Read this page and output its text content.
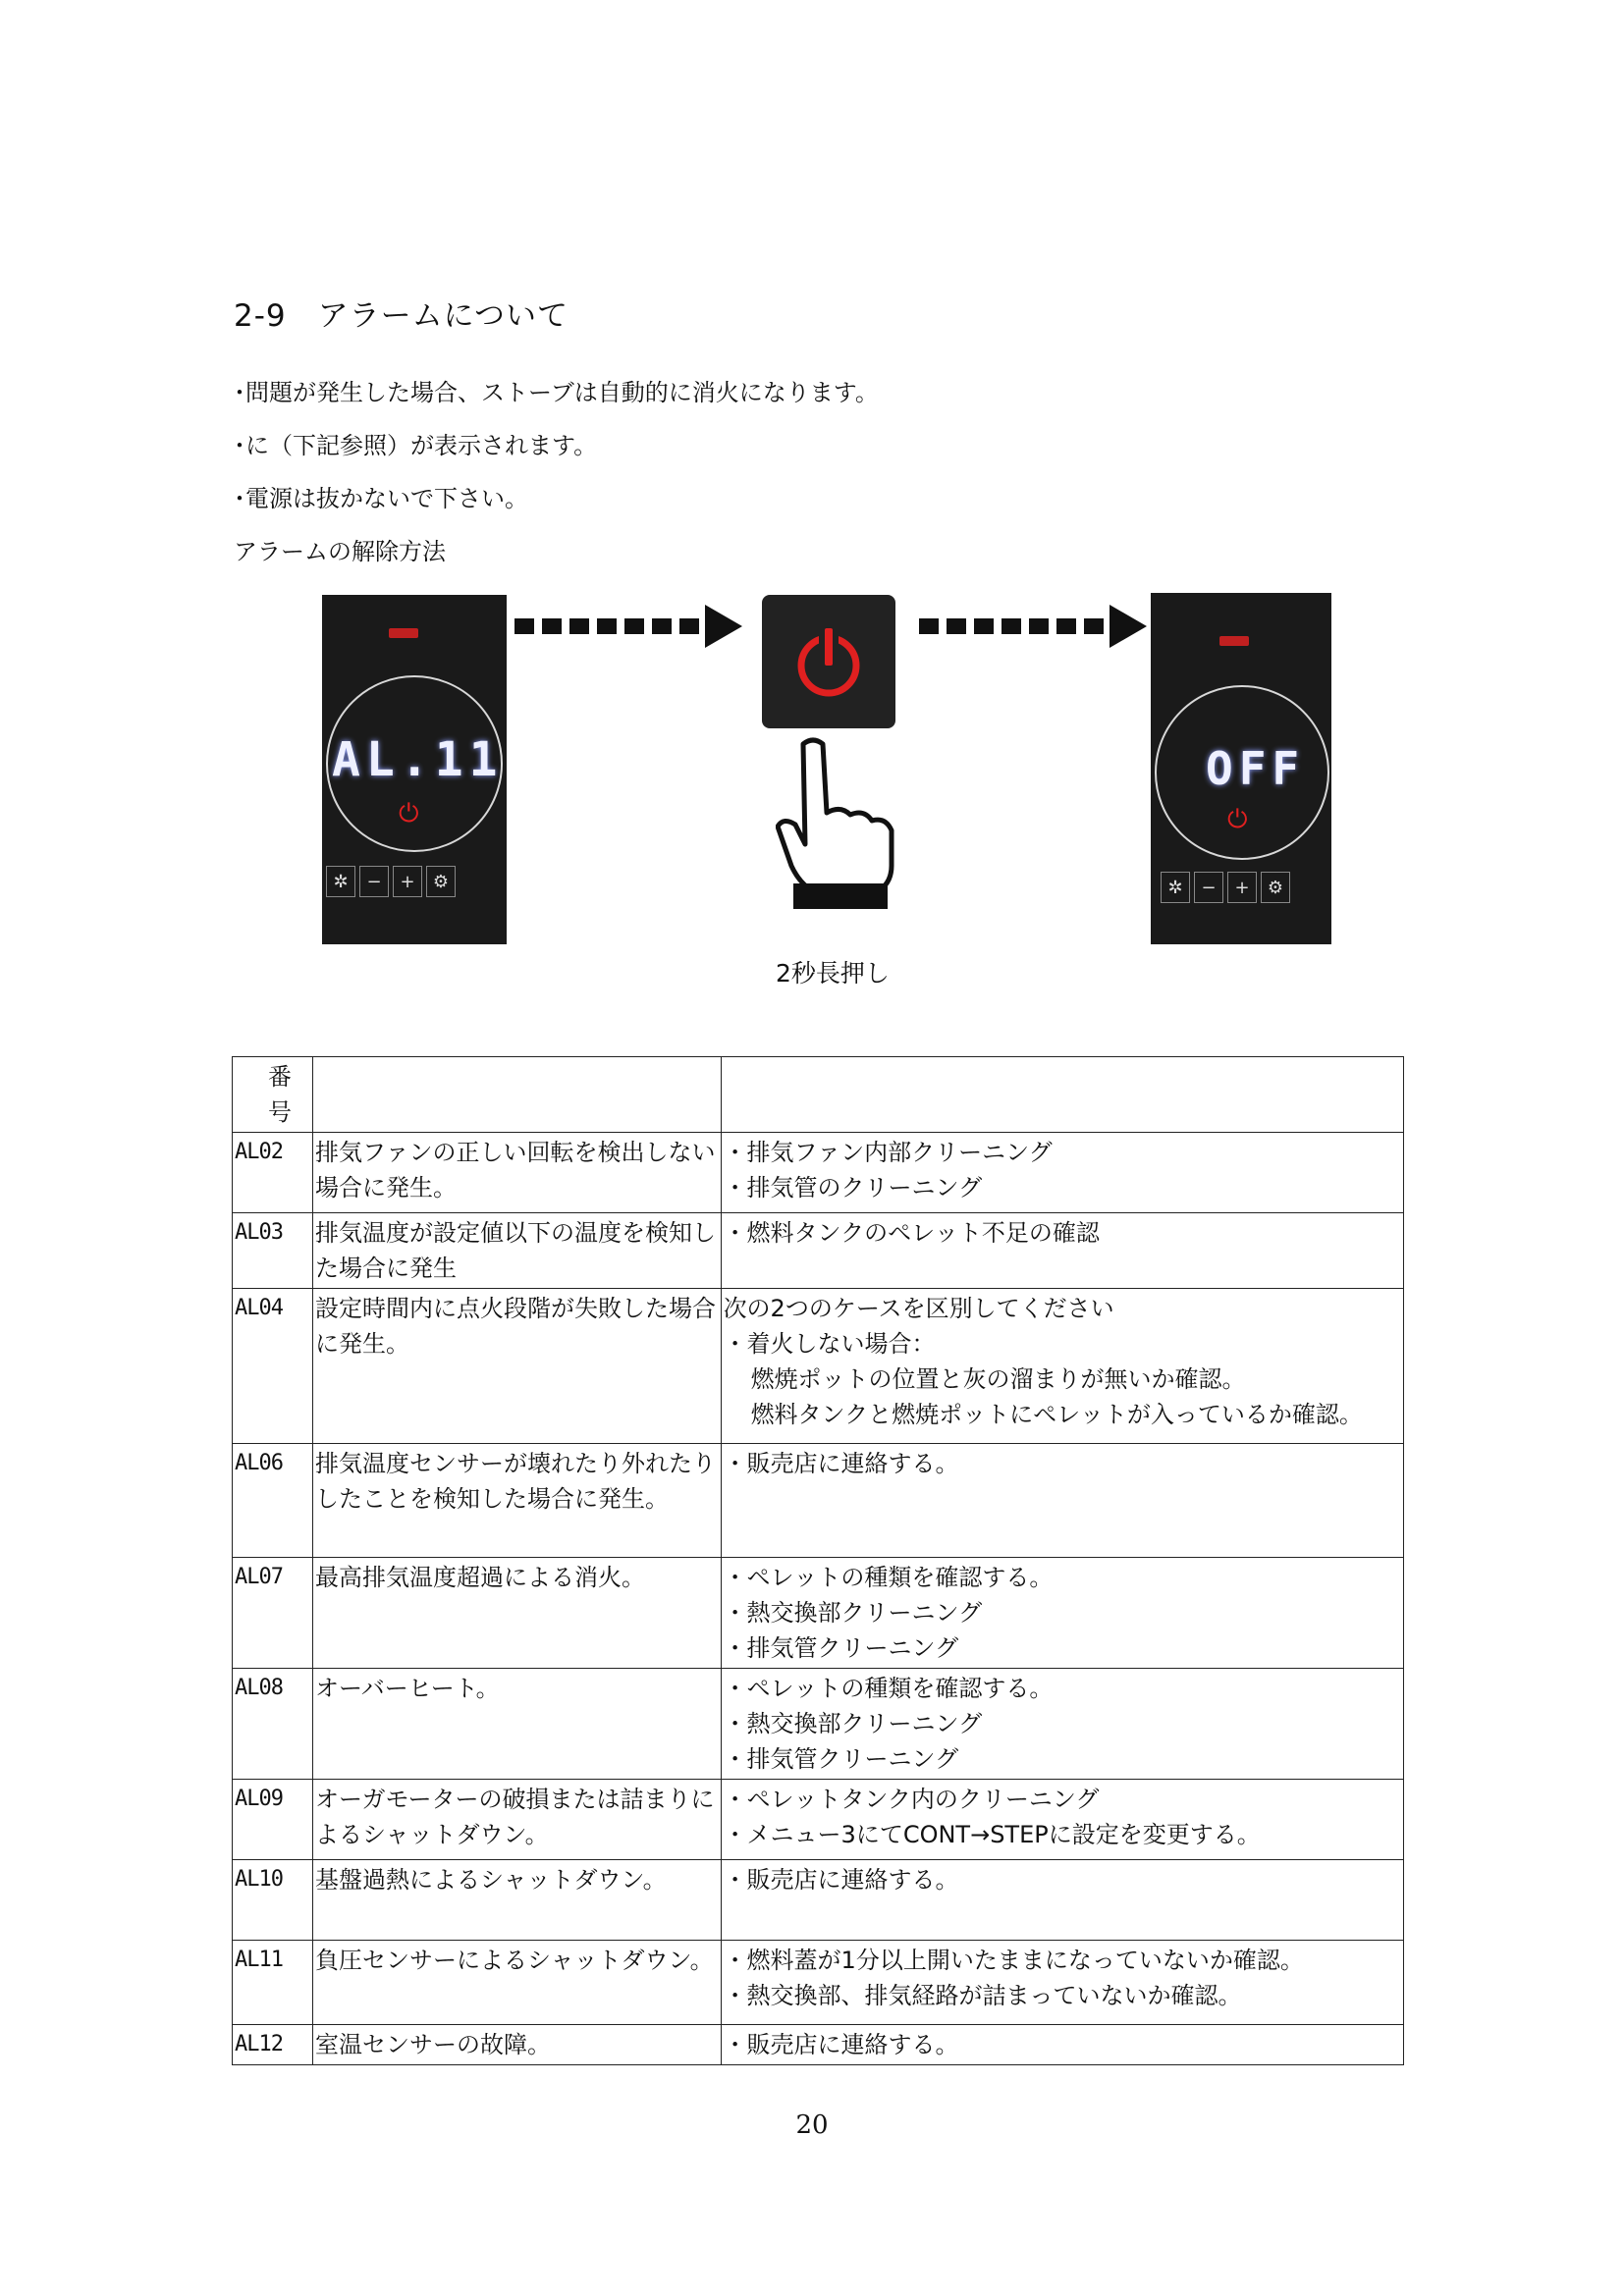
2-9　アラームについて
･問題が発生した場合、ストーブは自動的に消火になります。
･に（下記参照）が表示されます。
･電源は抜かないで下さい。
アラームの解除方法
AL.11
⏻
✲	−	+	⚙
OFF
⏻
✲	−	+	⚙
2秒長押し
番号		
AL02	排気ファンの正しい回転を検出しない場合に発生。	・排気ファン内部クリーニング
・排気管のクリーニング
AL03	排気温度が設定値以下の温度を検知した場合に発生	・燃料タンクのペレット不足の確認
AL04	設定時間内に点火段階が失敗した場合に発生。	次の2つのケースを区別してください
・着火しない場合：

燃焼ポットの位置と灰の溜まりが無いか確認。
燃料タンクと燃焼ポットにペレットが入っているか確認。

AL06	排気温度センサーが壊れたり外れたりしたことを検知した場合に発生。	・販売店に連絡する。
AL07	最高排気温度超過による消火。	・ペレットの種類を確認する。
・熱交換部クリーニング
・排気管クリーニング
AL08	オーバーヒート。	・ペレットの種類を確認する。
・熱交換部クリーニング
・排気管クリーニング
AL09	オーガモーターの破損または詰まりによるシャットダウン。	・ペレットタンク内のクリーニング
・メニュー3にてCONT→STEPに設定を変更する。
AL10	基盤過熱によるシャットダウン。	・販売店に連絡する。
AL11	負圧センサーによるシャットダウン。	・燃料蓋が1分以上開いたままになっていないか確認。
・熱交換部、排気経路が詰まっていないか確認。
AL12	室温センサーの故障。	・販売店に連絡する。
20
